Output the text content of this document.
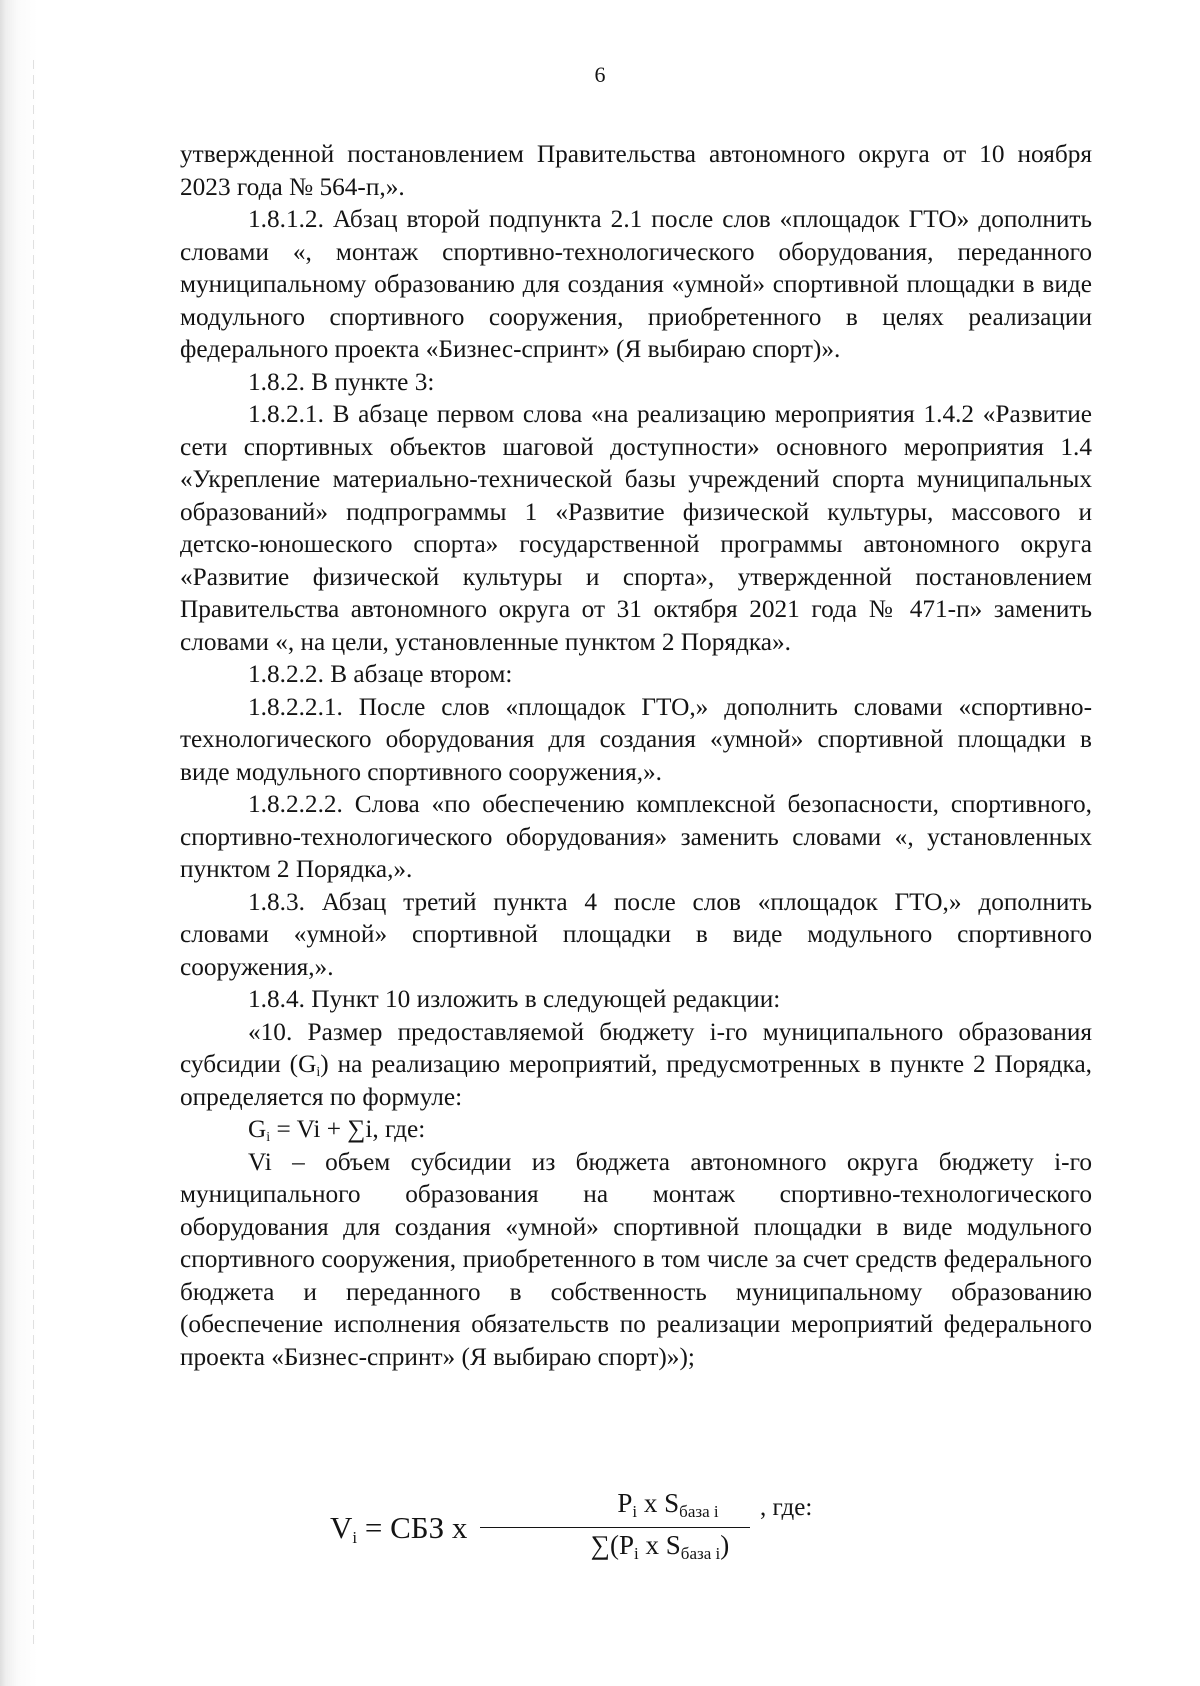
6

утвержденной постановлением Правительства автономного округа от 10 ноября 2023 года № 564-п,».

1.8.1.2. Абзац второй подпункта 2.1 после слов «площадок ГТО» дополнить словами «, монтаж спортивно-технологического оборудования, переданного муниципальному образованию для создания «умной» спортивной площадки в виде модульного спортивного сооружения, приобретенного в целях реализации федерального проекта «Бизнес-спринт» (Я выбираю спорт)».

1.8.2. В пункте 3:

1.8.2.1. В абзаце первом слова «на реализацию мероприятия 1.4.2 «Развитие сети спортивных объектов шаговой доступности» основного мероприятия 1.4 «Укрепление материально-технической базы учреждений спорта муниципальных образований» подпрограммы 1 «Развитие физической культуры, массового и детско-юношеского спорта» государственной программы автономного округа «Развитие физической культуры и спорта», утвержденной постановлением Правительства автономного округа от 31 октября 2021 года № 471-п» заменить словами «, на цели, установленные пунктом 2 Порядка».

1.8.2.2. В абзаце втором:

1.8.2.2.1. После слов «площадок ГТО,» дополнить словами «спортивно-технологического оборудования для создания «умной» спортивной площадки в виде модульного спортивного сооружения,».

1.8.2.2.2. Слова «по обеспечению комплексной безопасности, спортивного, спортивно-технологического оборудования» заменить словами «, установленных пунктом 2 Порядка,».

1.8.3. Абзац третий пункта 4 после слов «площадок ГТО,» дополнить словами «умной» спортивной площадки в виде модульного спортивного сооружения,».

1.8.4. Пункт 10 изложить в следующей редакции:

«10. Размер предоставляемой бюджету i-го муниципального образования субсидии $(G_i)$ на реализацию мероприятий, предусмотренных в пункте 2 Порядка, определяется по формуле:

$G_i = Vi + \sum i$, где:

Vi – объем субсидии из бюджета автономного округа бюджету i-го муниципального образования на монтаж спортивно-технологического оборудования для создания «умной» спортивной площадки в виде модульного спортивного сооружения, приобретенного в том числе за счет средств федерального бюджета и переданного в собственность муниципальному образованию (обеспечение исполнения обязательств по реализации мероприятий федерального проекта «Бизнес-спринт» (Я выбираю спорт)»);

$V_i$ = СБЗ x
$P_i$ x $S_{база i}$
$\sum(P_i$ x $S_{база i}$)
, где:
